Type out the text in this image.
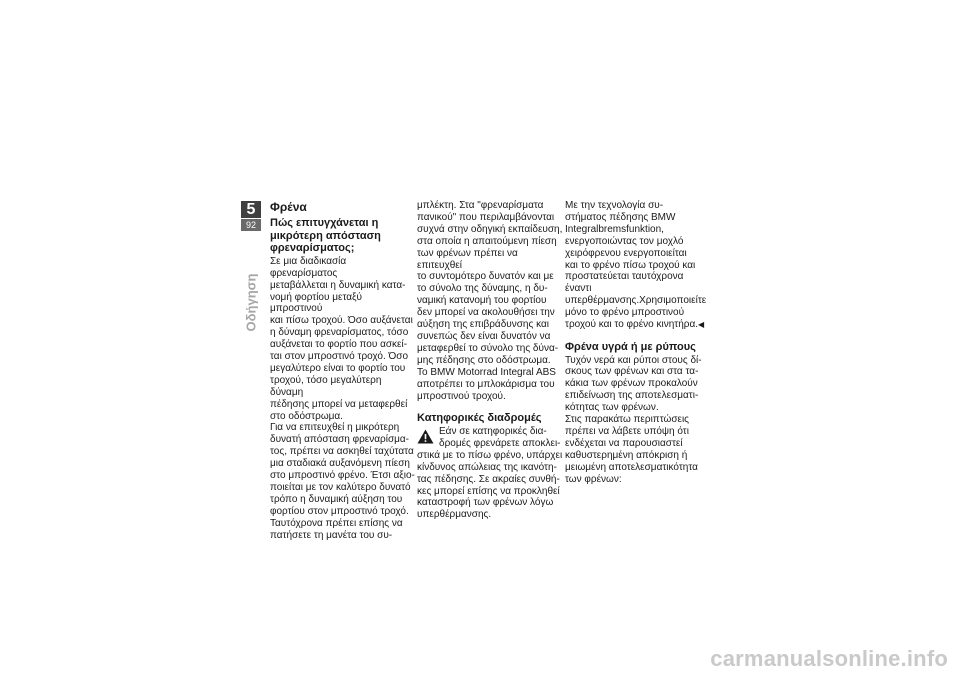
5
92
Οδήγηση
Φρένα
Πώς επιτυγχάνεται η
μικρότερη απόσταση
φρεναρίσματος;

Σε μια διαδικασία φρεναρίσματος

μεταβάλλεται η δυναμική κατα-

νομή φορτίου μεταξύ μπροστινού

και πίσω τροχού. Όσο αυξάνεται

η δύναμη φρεναρίσματος, τόσο

αυξάνεται το φορτίο που ασκεί-

ται στον μπροστινό τροχό. Όσο

μεγαλύτερο είναι το φορτίο του

τροχού, τόσο μεγαλύτερη δύναμη

πέδησης μπορεί να μεταφερθεί

στο οδόστρωμα.

Για να επιτευχθεί η μικρότερη

δυνατή απόσταση φρεναρίσμα-

τος, πρέπει να ασκηθεί ταχύτατα

μια σταδιακά αυξανόμενη πίεση

στο μπροστινό φρένο. Έτσι αξιο-

ποιείται με τον καλύτερο δυνατό

τρόπο η δυναμική αύξηση του

φορτίου στον μπροστινό τροχό.

Ταυτόχρονα πρέπει επίσης να

πατήσετε τη μανέτα του συ-

μπλέκτη. Στα "φρεναρίσματα

πανικού" που περιλαμβάνονται

συχνά στην οδηγική εκπαίδευση,

στα οποία η απαιτούμενη πίεση

των φρένων πρέπει να επιτευχθεί

το συντομότερο δυνατόν και με

το σύνολο της δύναμης, η δυ-

ναμική κατανομή του φορτίου

δεν μπορεί να ακολουθήσει την

αύξηση της επιβράδυνσης και

συνεπώς δεν είναι δυνατόν να

μεταφερθεί το σύνολο της δύνα-

μης πέδησης στο οδόστρωμα.

Το BMW Motorrad Integral ABS

αποτρέπει το μπλοκάρισμα του

μπροστινού τροχού.

Κατηφορικές διαδρομές

Εάν σε κατηφορικές δια-

δρομές φρενάρετε αποκλει-

στικά με το πίσω φρένο, υπάρχει

κίνδυνος απώλειας της ικανότη-

τας πέδησης. Σε ακραίες συνθή-

κες μπορεί επίσης να προκληθεί

καταστροφή των φρένων λόγω

υπερθέρμανσης.

Με την τεχνολογία συ-

στήματος πέδησης BMW

Integralbremsfunktion,

ενεργοποιώντας τον μοχλό

χειρόφρενου ενεργοποιείται

και το φρένο πίσω τροχού και

προστατεύεται ταυτόχρονα έναντι

υπερθέρμανσης.Χρησιμοποιείτε

μόνο το φρένο μπροστινού

τροχού και το φρένο κινητήρα.◀

Φρένα υγρά ή με ρύπους

Τυχόν νερά και ρύποι στους δί-

σκους των φρένων και στα τα-

κάκια των φρένων προκαλούν

επιδείνωση της αποτελεσματι-

κότητας των φρένων.

Στις παρακάτω περιπτώσεις

πρέπει να λάβετε υπόψη ότι

ενδέχεται να παρουσιαστεί

καθυστερημένη απόκριση ή

μειωμένη αποτελεσματικότητα

των φρένων:

carmanualsonline.info
